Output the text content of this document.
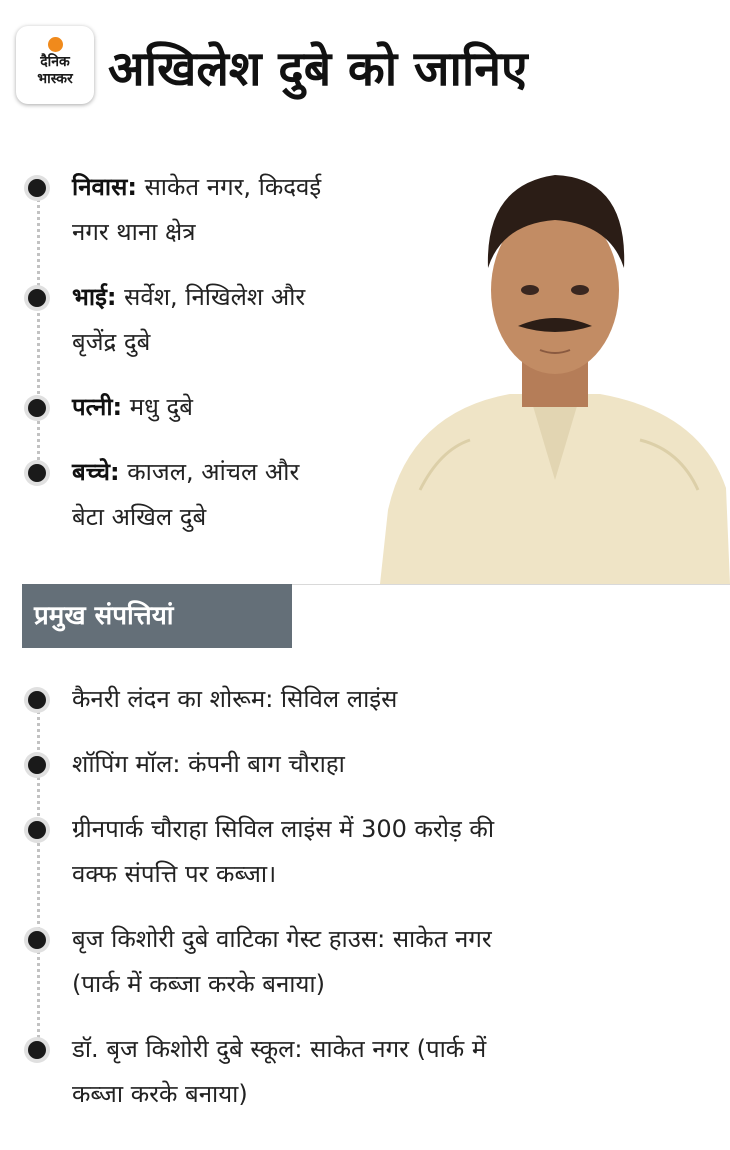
दैनिक
भास्कर अखिलेश दुबे को जानिए

निवास: साकेत नगर, किदवई
नगर थाना क्षेत्र

भाई: सर्वेश, निखिलेश और
बृजेंद्र दुबे

पत्नी: मधु दुबे

बच्चे: काजल, आंचल और
बेटा अखिल दुबे

प्रमुख संपत्तियां

कैनरी लंदन का शोरूम: सिविल लाइंस

शॉपिंग मॉल: कंपनी बाग चौराहा

ग्रीनपार्क चौराहा सिविल लाइंस में 300 करोड़ की
वक्फ संपत्ति पर कब्जा।

बृज किशोरी दुबे वाटिका गेस्ट हाउस: साकेत नगर
(पार्क में कब्जा करके बनाया)

डॉ. बृज किशोरी दुबे स्कूल: साकेत नगर (पार्क में
कब्जा करके बनाया)
